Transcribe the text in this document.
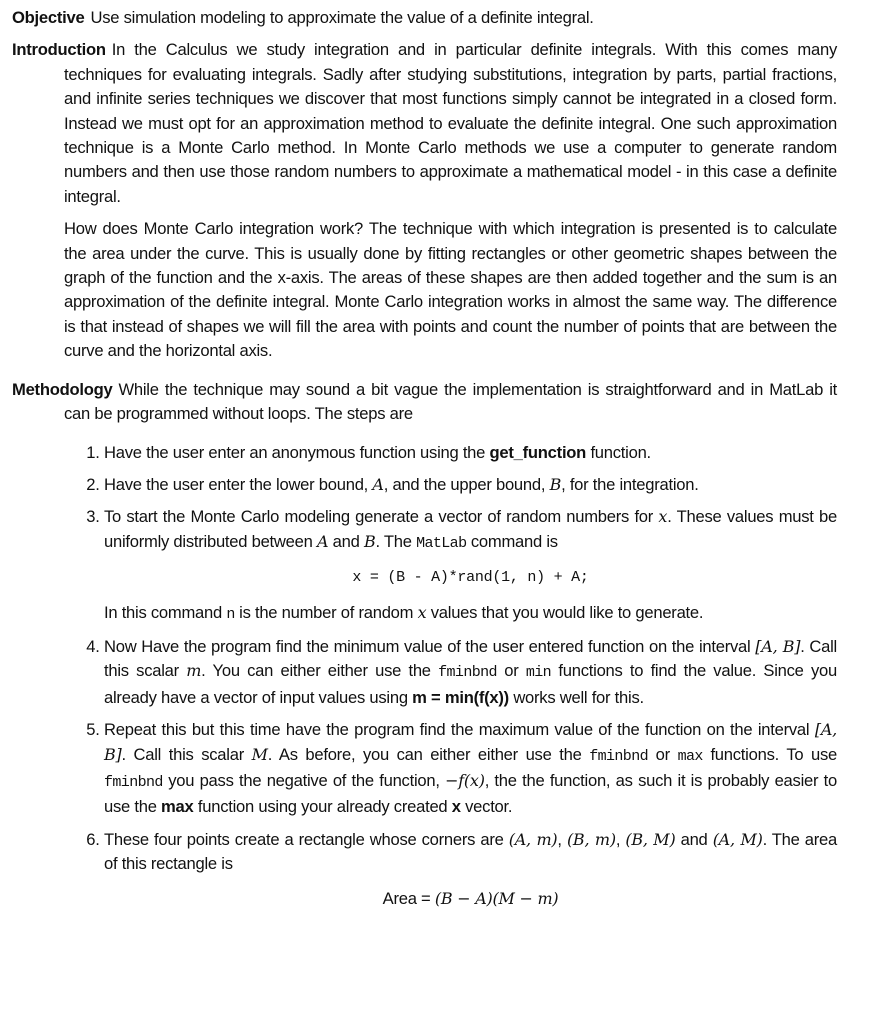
Objective Use simulation modeling to approximate the value of a definite integral.

Introduction In the Calculus we study integration and in particular definite integrals. With this comes many techniques for evaluating integrals. Sadly after studying substitutions, integration by parts, partial fractions, and infinite series techniques we discover that most functions simply cannot be integrated in a closed form. Instead we must opt for an approximation method to evaluate the definite integral. One such approximation technique is a Monte Carlo method. In Monte Carlo methods we use a computer to generate random numbers and then use those random numbers to approximate a mathematical model - in this case a definite integral.

How does Monte Carlo integration work? The technique with which integration is presented is to calculate the area under the curve. This is usually done by fitting rectangles or other geometric shapes between the graph of the function and the x-axis. The areas of these shapes are then added together and the sum is an approximation of the definite integral. Monte Carlo integration works in almost the same way. The difference is that instead of shapes we will fill the area with points and count the number of points that are between the curve and the horizontal axis.

Methodology While the technique may sound a bit vague the implementation is straightforward and in MatLab it can be programmed without loops. The steps are

1. Have the user enter an anonymous function using the get_function function.
2. Have the user enter the lower bound, A, and the upper bound, B, for the integration.
3. To start the Monte Carlo modeling generate a vector of random numbers for x. These values must be uniformly distributed between A and B. The MatLab command is
x = (B - A)*rand(1, n) + A;
In this command n is the number of random x values that you would like to generate.
4. Now Have the program find the minimum value of the user entered function on the interval [A, B]. Call this scalar m. You can either either use the fminbnd or min functions to find the value. Since you already have a vector of input values using m = min(f(x)) works well for this.
5. Repeat this but this time have the program find the maximum value of the function on the interval [A, B]. Call this scalar M. As before, you can either either use the fminbnd or max functions. To use fminbnd you pass the negative of the function, −f(x), the the function, as such it is probably easier to use the max function using your already created x vector.
6. These four points create a rectangle whose corners are (A, m), (B, m), (B, M) and (A, M). The area of this rectangle is
Area = (B − A)(M − m)
